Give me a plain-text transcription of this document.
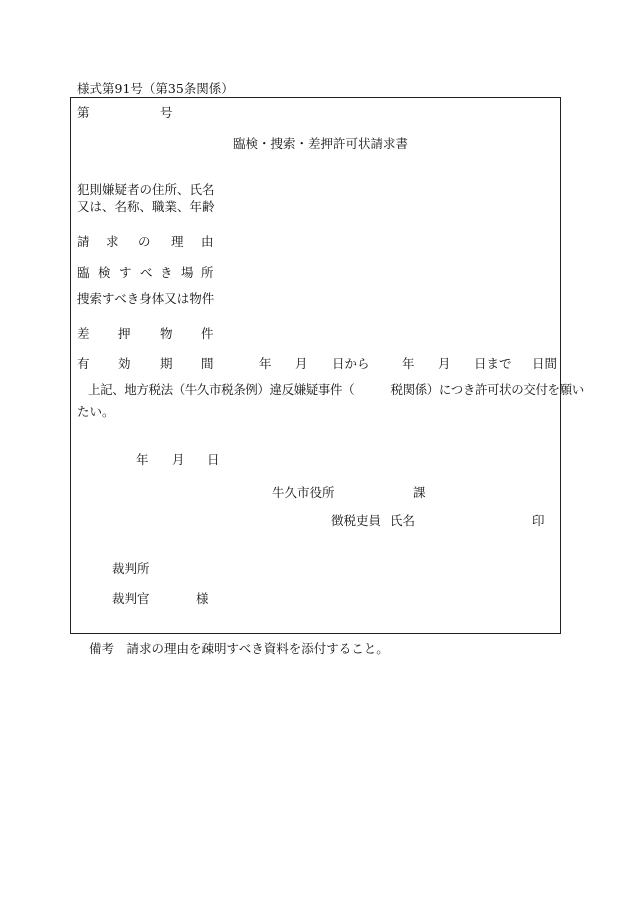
様式第91号（第35条関係）
第	号
臨検・捜索・差押許可状請求書
犯則嫌疑者の住所、氏名
又は、名称、職業、年齢
請 求 の 理 由
臨 検 す べ き 場 所
捜索すべき身体又は物件
差 押 物 件
有 効 期 間	年 月 日から	年 月 日まで 日間
上記、地方税法（牛久市税条例）違反嫌疑事件（　　　税関係）につき許可状の交付を願い
たい。
年 月 日
牛久市役所	課
徴税吏員 氏名	印
裁判所
裁判官	様
備考　請求の理由を疎明すべき資料を添付すること。
